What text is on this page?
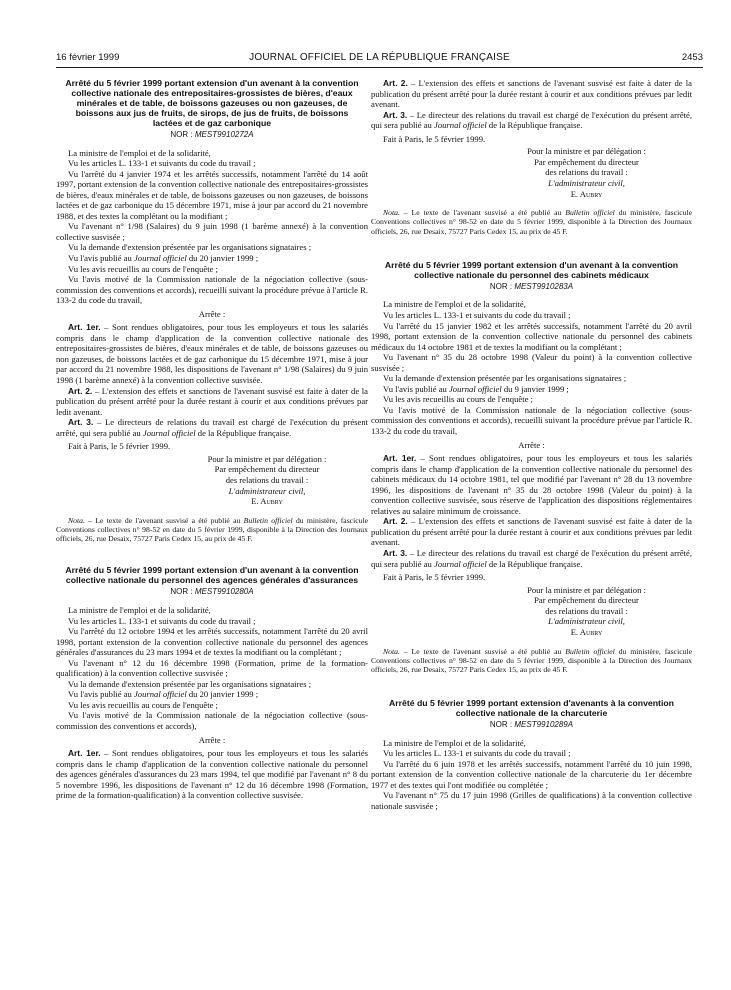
16 février 1999	JOURNAL OFFICIEL DE LA RÉPUBLIQUE FRANÇAISE	2453
Arrêté du 5 février 1999 portant extension d'un avenant à la convention collective nationale des entrepositaires-grossistes de bières, d'eaux minérales et de table, de boissons gazeuses ou non gazeuses, de boissons aux jus de fruits, de sirops, de jus de fruits, de boissons lactées et de gaz carbonique
NOR : MEST9910272A

La ministre de l'emploi et de la solidarité,

Vu les articles L. 133-1 et suivants du code du travail ;

Vu l'arrêté du 4 janvier 1974 et les arrêtés successifs, notamment l'arrêté du 14 août 1997, portant extension de la convention collective nationale des entrepositaires-grossistes de bières, d'eaux minérales et de table, de boissons gazeuses ou non gazeuses, de boissons lactées et de gaz carbonique du 15 décembre 1971, mise à jour par accord du 21 novembre 1988, et des textes la complétant ou la modifiant ;

Vu l'avenant n° 1/98 (Salaires) du 9 juin 1998 (1 barème annexé) à la convention collective susvisée ;

Vu la demande d'extension présentée par les organisations signataires ;

Vu l'avis publié au Journal officiel du 20 janvier 1999 ;

Vu les avis recueillis au cours de l'enquête ;

Vu l'avis motivé de la Commission nationale de la négociation collective (sous-commission des conventions et accords), recueilli suivant la procédure prévue à l'article R. 133-2 du code du travail,

Arrête :

Art. 1er. – Sont rendues obligatoires, pour tous les employeurs et tous les salariés compris dans le champ d'application de la convention collective nationale des entrepositaires-grossistes de bières, d'eaux minérales et de table, de boissons gazeuses ou non gazeuses, de boissons lactées et de gaz carbonique du 15 décembre 1971, mise à jour par accord du 21 novembre 1988, les dispositions de l'avenant n° 1/98 (Salaires) du 9 juin 1998 (1 barème annexé) à la convention collective susvisée.

Art. 2. – L'extension des effets et sanctions de l'avenant susvisé est faite à dater de la publication du présent arrêté pour la durée restant à courir et aux conditions prévues par ledit avenant.

Art. 3. – Le directeurs de relations du travail est chargé de l'exécution du présent arrêté, qui sera publié au Journal officiel de la République française.

Fait à Paris, le 5 février 1999.

Pour la ministre et par délégation :
Par empêchement du directeur
des relations du travail :
L'administrateur civil,
E. Aubry

Nota. – Le texte de l'avenant susvisé a été publié au Bulletin officiel du ministère, fascicule Conventions collectives n° 98-52 en date du 5 février 1999, disponible à la Direction des Journaux officiels, 26, rue Desaix, 75727 Paris Cedex 15, au prix de 45 F.

Arrêté du 5 février 1999 portant extension d'un avenant à la convention collective nationale du personnel des agences générales d'assurances
NOR : MEST9910280A

La ministre de l'emploi et de la solidarité,

Vu les articles L. 133-1 et suivants du code du travail ;

Vu l'arrêté du 12 octobre 1994 et les arrêtés successifs, notamment l'arrêté du 20 avril 1998, portant extension de la convention collective nationale du personnel des agences générales d'assurances du 23 mars 1994 et de textes la modifiant ou la complétant ;

Vu l'avenant n° 12 du 16 décembre 1998 (Formation, prime de la formation-qualification) à la convention collective susvisée ;

Vu la demande d'extension présentée par les organisations signataires ;

Vu l'avis publié au Journal officiel du 20 janvier 1999 ;

Vu les avis recueillis au cours de l'enquête ;

Vu l'avis motivé de la Commission nationale de la négociation collective (sous-commission des conventions et accords),

Arrête :

Art. 1er. – Sont rendues obligatoires, pour tous les employeurs et tous les salariés compris dans le champ d'application de la convention collective nationale du personnel des agences générales d'assurances du 23 mars 1994, tel que modifié par l'avenant n° 8 du 5 novembre 1996, les dispositions de l'avenant n° 12 du 16 décembre 1998 (Formation, prime de la formation-qualification) à la convention collective susvisée.

Art. 2. – L'extension des effets et sanctions de l'avenant susvisé est faite à dater de la publication du présent arrêté pour la durée restant à courir et aux conditions prévues par ledit avenant.

Art. 3. – Le directeur des relations du travail est chargé de l'exécution du présent arrêté, qui sera publié au Journal officiel de la République française.

Fait à Paris, le 5 février 1999.

Pour la ministre et par délégation :
Par empêchement du directeur
des relations du travail :
L'administrateur civil,
E. Aubry

Nota. – Le texte de l'avenant susvisé a été publié au Bulletin officiel du ministère, fascicule Conventions collectives n° 98-52 en date du 5 février 1999, disponible à la Direction des Journaux officiels, 26, rue Desaix, 75727 Paris Cedex 15, au prix de 45 F.

Arrêté du 5 février 1999 portant extension d'un avenant à la convention collective nationale du personnel des cabinets médicaux
NOR : MEST9910283A

La ministre de l'emploi et de la solidarité,

Vu les articles L. 133-1 et suivants du code du travail ;

Vu l'arrêté du 15 janvier 1982 et les arrêtés successifs, notamment l'arrêté du 20 avril 1998, portant extension de la convention collective nationale du personnel des cabinets médicaux du 14 octobre 1981 et de textes la modifiant ou la complétant ;

Vu l'avenant n° 35 du 28 octobre 1998 (Valeur du point) à la convention collective susvisée ;

Vu la demande d'extension présentée par les organisations signataires ;

Vu l'avis publié au Journal officiel du 9 janvier 1999 ;

Vu les avis recueillis au cours de l'enquête ;

Vu l'avis motivé de la Commission nationale de la négociation collective (sous-commission des conventions et accords), recueilli suivant la procédure prévue par l'article R. 133-2 du code du travail,

Arrête :

Art. 1er. – Sont rendues obligatoires, pour tous les employeurs et tous les salariés compris dans le champ d'application de la convention collective nationale du personnel des cabinets médicaux du 14 octobre 1981, tel que modifié par l'avenant n° 28 du 13 novembre 1996, les dispositions de l'avenant n° 35 du 28 octobre 1998 (Valeur du point) à la convention collective susvisée, sous réserve de l'application des dispositions réglementaires relatives au salaire minimum de croissance.

Art. 2. – L'extension des effets et sanctions de l'avenant susvisé est faite à dater de la publication du présent arrêté pour la durée restant à courir et aux conditions prévues par ledit avenant.

Art. 3. – Le directeur des relations du travail est chargé de l'exécution du présent arrêté, qui sera publié au Journal officiel de la République française.

Fait à Paris, le 5 février 1999.

Pour la ministre et par délégation :
Par empêchement du directeur
des relations du travail :
L'administrateur civil,
E. Aubry

Nota. – Le texte de l'avenant susvisé a été publié au Bulletin officiel du ministère, fascicule Conventions collectives n° 98-52 en date du 5 février 1999, disponible à la Direction des Journaux officiels, 26, rue Desaix, 75727 Paris Cedex 15, au prix de 45 F.

Arrêté du 5 février 1999 portant extension d'avenants à la convention collective nationale de la charcuterie
NOR : MEST9910289A

La ministre de l'emploi et de la solidarité,

Vu les articles L. 133-1 et suivants du code du travail ;

Vu l'arrêté du 6 juin 1978 et les arrêtés successifs, notamment l'arrêté du 10 juin 1998, portant extension de la convention collective nationale de la charcuterie du 1er décembre 1977 et des textes qui l'ont modifiée ou complétée ;

Vu l'avenant n° 75 du 17 juin 1998 (Grilles de qualifications) à la convention collective nationale susvisée ;
